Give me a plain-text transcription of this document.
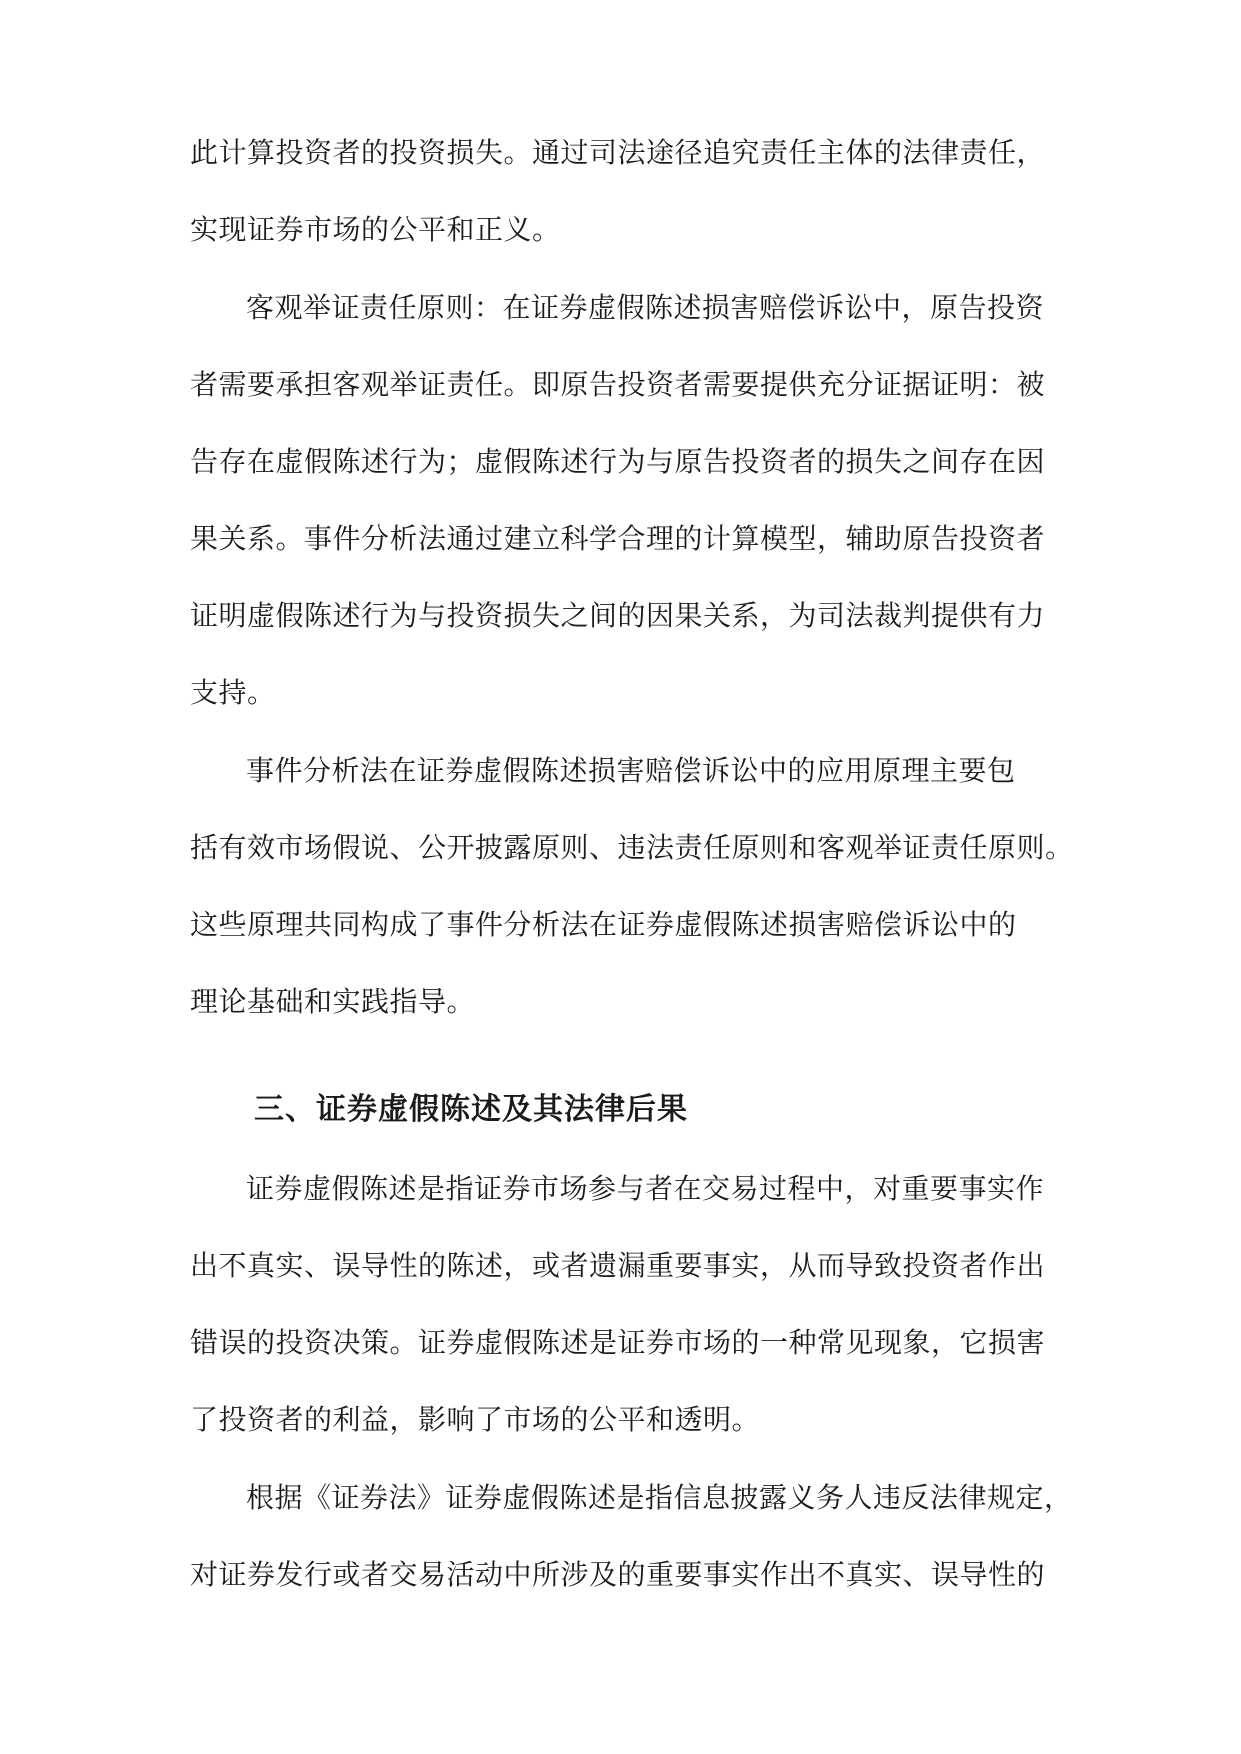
此计算投资者的投资损失。通过司法途径追究责任主体的法律责任，
实现证券市场的公平和正义。
客观举证责任原则：在证券虚假陈述损害赔偿诉讼中，原告投资
者需要承担客观举证责任。即原告投资者需要提供充分证据证明：被
告存在虚假陈述行为；虚假陈述行为与原告投资者的损失之间存在因
果关系。事件分析法通过建立科学合理的计算模型，辅助原告投资者
证明虚假陈述行为与投资损失之间的因果关系，为司法裁判提供有力
支持。
事件分析法在证券虚假陈述损害赔偿诉讼中的应用原理主要包
括有效市场假说、公开披露原则、违法责任原则和客观举证责任原则。
这些原理共同构成了事件分析法在证券虚假陈述损害赔偿诉讼中的
理论基础和实践指导。
三、证券虚假陈述及其法律后果
证券虚假陈述是指证券市场参与者在交易过程中，对重要事实作
出不真实、误导性的陈述，或者遗漏重要事实，从而导致投资者作出
错误的投资决策。证券虚假陈述是证券市场的一种常见现象，它损害
了投资者的利益，影响了市场的公平和透明。
根据《证券法》证券虚假陈述是指信息披露义务人违反法律规定，
对证券发行或者交易活动中所涉及的重要事实作出不真实、误导性的
